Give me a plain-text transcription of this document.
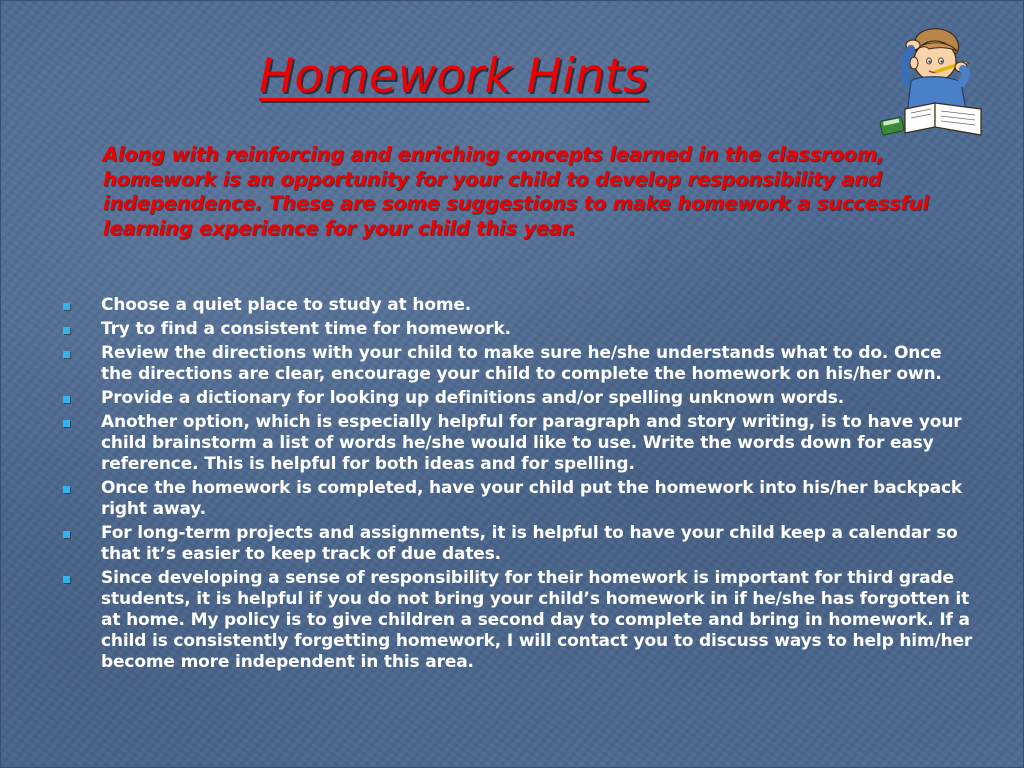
Homework Hints

Along with reinforcing and enriching concepts learned in the classroom, homework is an opportunity for your child to develop responsibility and independence. These are some suggestions to make homework a successful learning experience for your child this year.

Choose a quiet place to study at home.
Try to find a consistent time for homework.
Review the directions with your child to make sure he/she understands what to do. Once the directions are clear, encourage your child to complete the homework on his/her own.
Provide a dictionary for looking up definitions and/or spelling unknown words.
Another option, which is especially helpful for paragraph and story writing, is to have your child brainstorm a list of words he/she would like to use. Write the words down for easy reference. This is helpful for both ideas and for spelling.
Once the homework is completed, have your child put the homework into his/her backpack right away.
For long-term projects and assignments, it is helpful to have your child keep a calendar so that it’s easier to keep track of due dates.
Since developing a sense of responsibility for their homework is important for third grade students, it is helpful if you do not bring your child’s homework in if he/she has forgotten it at home. My policy is to give children a second day to complete and bring in homework. If a child is consistently forgetting homework, I will contact you to discuss ways to help him/her become more independent in this area.
